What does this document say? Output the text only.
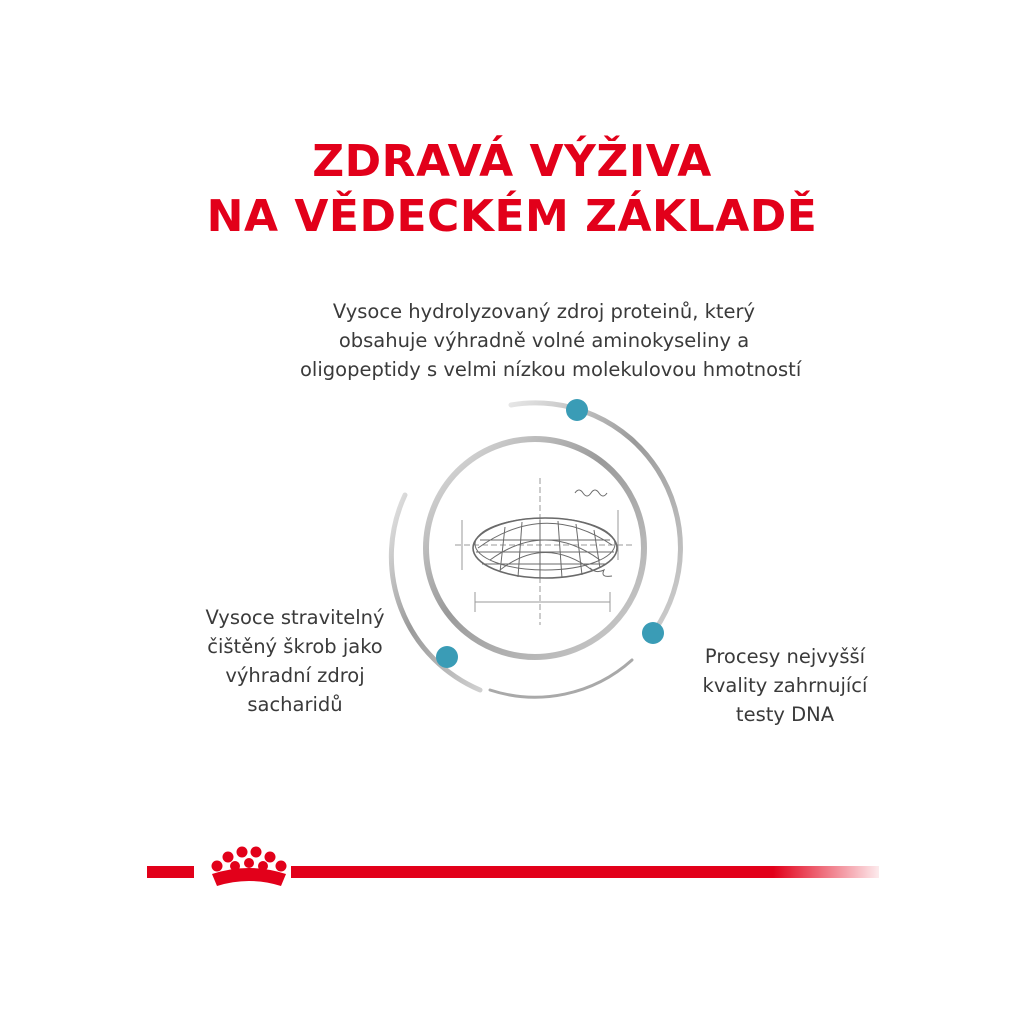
ZDRAVÁ VÝŽIVA
NA VĚDECKÉM ZÁKLADĚ

Vysoce hydrolyzovaný zdroj proteinů, který
obsahuje výhradně volné aminokyseliny a
oligopeptidy s velmi nízkou molekulovou hmotností

Vysoce stravitelný
čištěný škrob jako
výhradní zdroj
sacharidů

Procesy nejvyšší
kvality zahrnující
testy DNA
